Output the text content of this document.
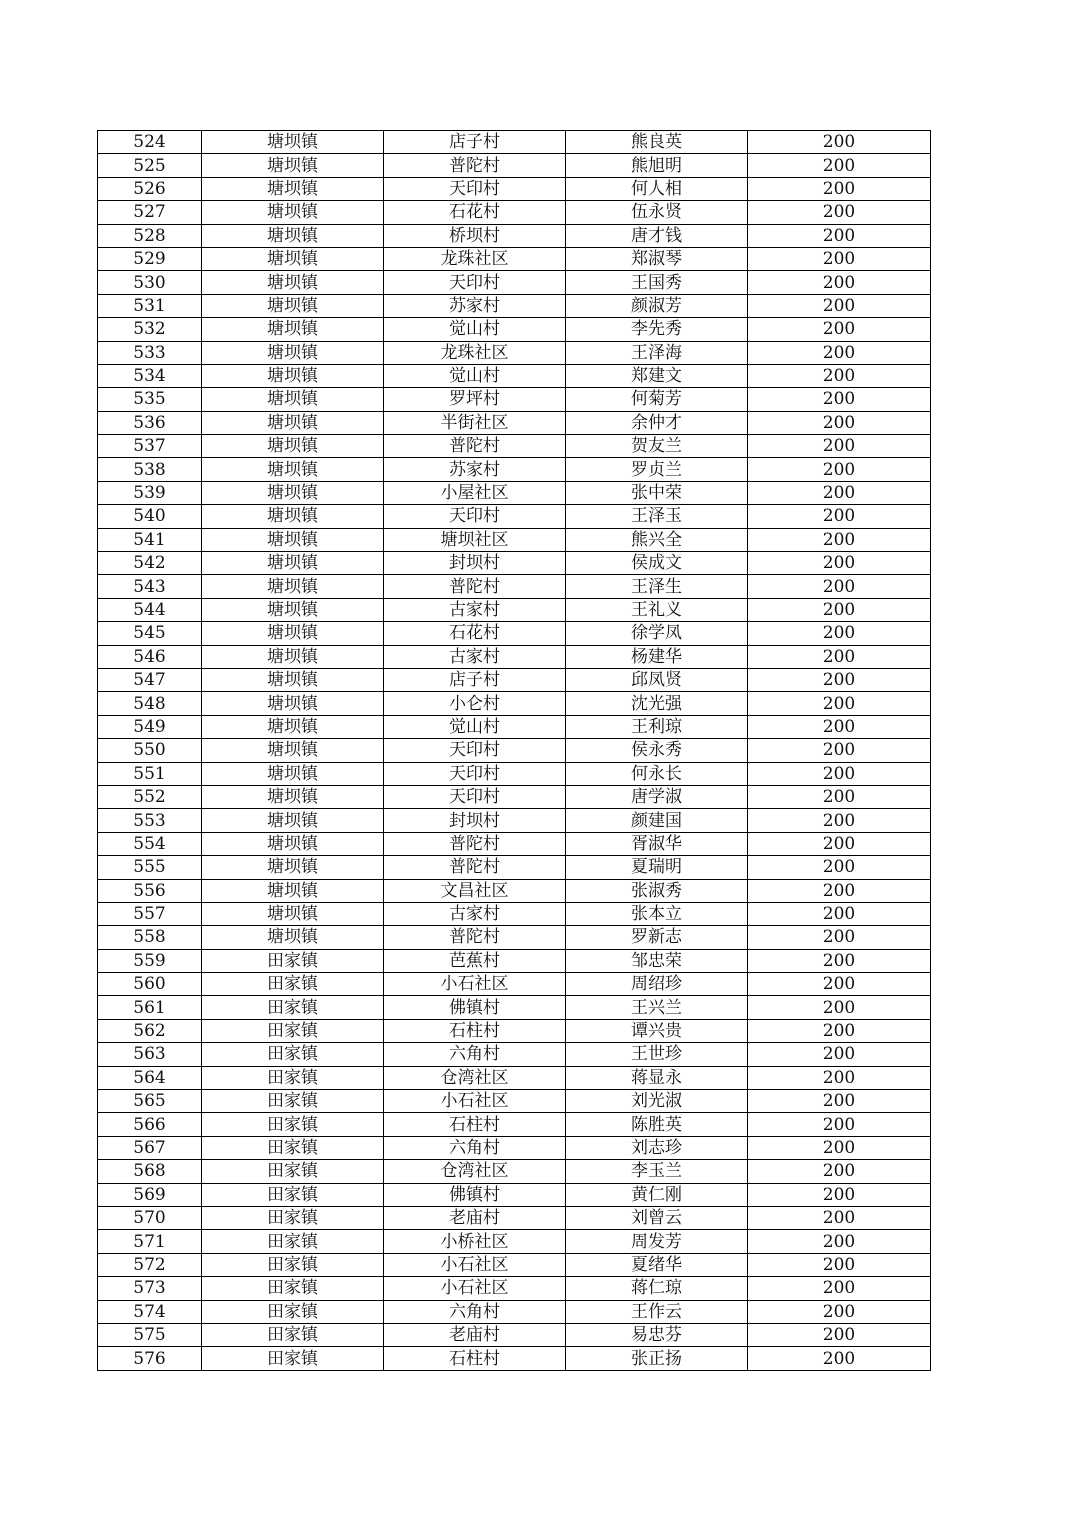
524	塘坝镇	店子村	熊良英	200
525	塘坝镇	普陀村	熊旭明	200
526	塘坝镇	天印村	何人相	200
527	塘坝镇	石花村	伍永贤	200
528	塘坝镇	桥坝村	唐才钱	200
529	塘坝镇	龙珠社区	郑淑琴	200
530	塘坝镇	天印村	王国秀	200
531	塘坝镇	苏家村	颜淑芳	200
532	塘坝镇	觉山村	李先秀	200
533	塘坝镇	龙珠社区	王泽海	200
534	塘坝镇	觉山村	郑建文	200
535	塘坝镇	罗坪村	何菊芳	200
536	塘坝镇	半街社区	余仲才	200
537	塘坝镇	普陀村	贺友兰	200
538	塘坝镇	苏家村	罗贞兰	200
539	塘坝镇	小屋社区	张中荣	200
540	塘坝镇	天印村	王泽玉	200
541	塘坝镇	塘坝社区	熊兴全	200
542	塘坝镇	封坝村	侯成文	200
543	塘坝镇	普陀村	王泽生	200
544	塘坝镇	古家村	王礼义	200
545	塘坝镇	石花村	徐学凤	200
546	塘坝镇	古家村	杨建华	200
547	塘坝镇	店子村	邱凤贤	200
548	塘坝镇	小仑村	沈光强	200
549	塘坝镇	觉山村	王利琼	200
550	塘坝镇	天印村	侯永秀	200
551	塘坝镇	天印村	何永长	200
552	塘坝镇	天印村	唐学淑	200
553	塘坝镇	封坝村	颜建国	200
554	塘坝镇	普陀村	胥淑华	200
555	塘坝镇	普陀村	夏瑞明	200
556	塘坝镇	文昌社区	张淑秀	200
557	塘坝镇	古家村	张本立	200
558	塘坝镇	普陀村	罗新志	200
559	田家镇	芭蕉村	邹忠荣	200
560	田家镇	小石社区	周绍珍	200
561	田家镇	佛镇村	王兴兰	200
562	田家镇	石柱村	谭兴贵	200
563	田家镇	六角村	王世珍	200
564	田家镇	仓湾社区	蒋显永	200
565	田家镇	小石社区	刘光淑	200
566	田家镇	石柱村	陈胜英	200
567	田家镇	六角村	刘志珍	200
568	田家镇	仓湾社区	李玉兰	200
569	田家镇	佛镇村	黄仁刚	200
570	田家镇	老庙村	刘曾云	200
571	田家镇	小桥社区	周发芳	200
572	田家镇	小石社区	夏绪华	200
573	田家镇	小石社区	蒋仁琼	200
574	田家镇	六角村	王作云	200
575	田家镇	老庙村	易忠芬	200
576	田家镇	石柱村	张正扬	200
